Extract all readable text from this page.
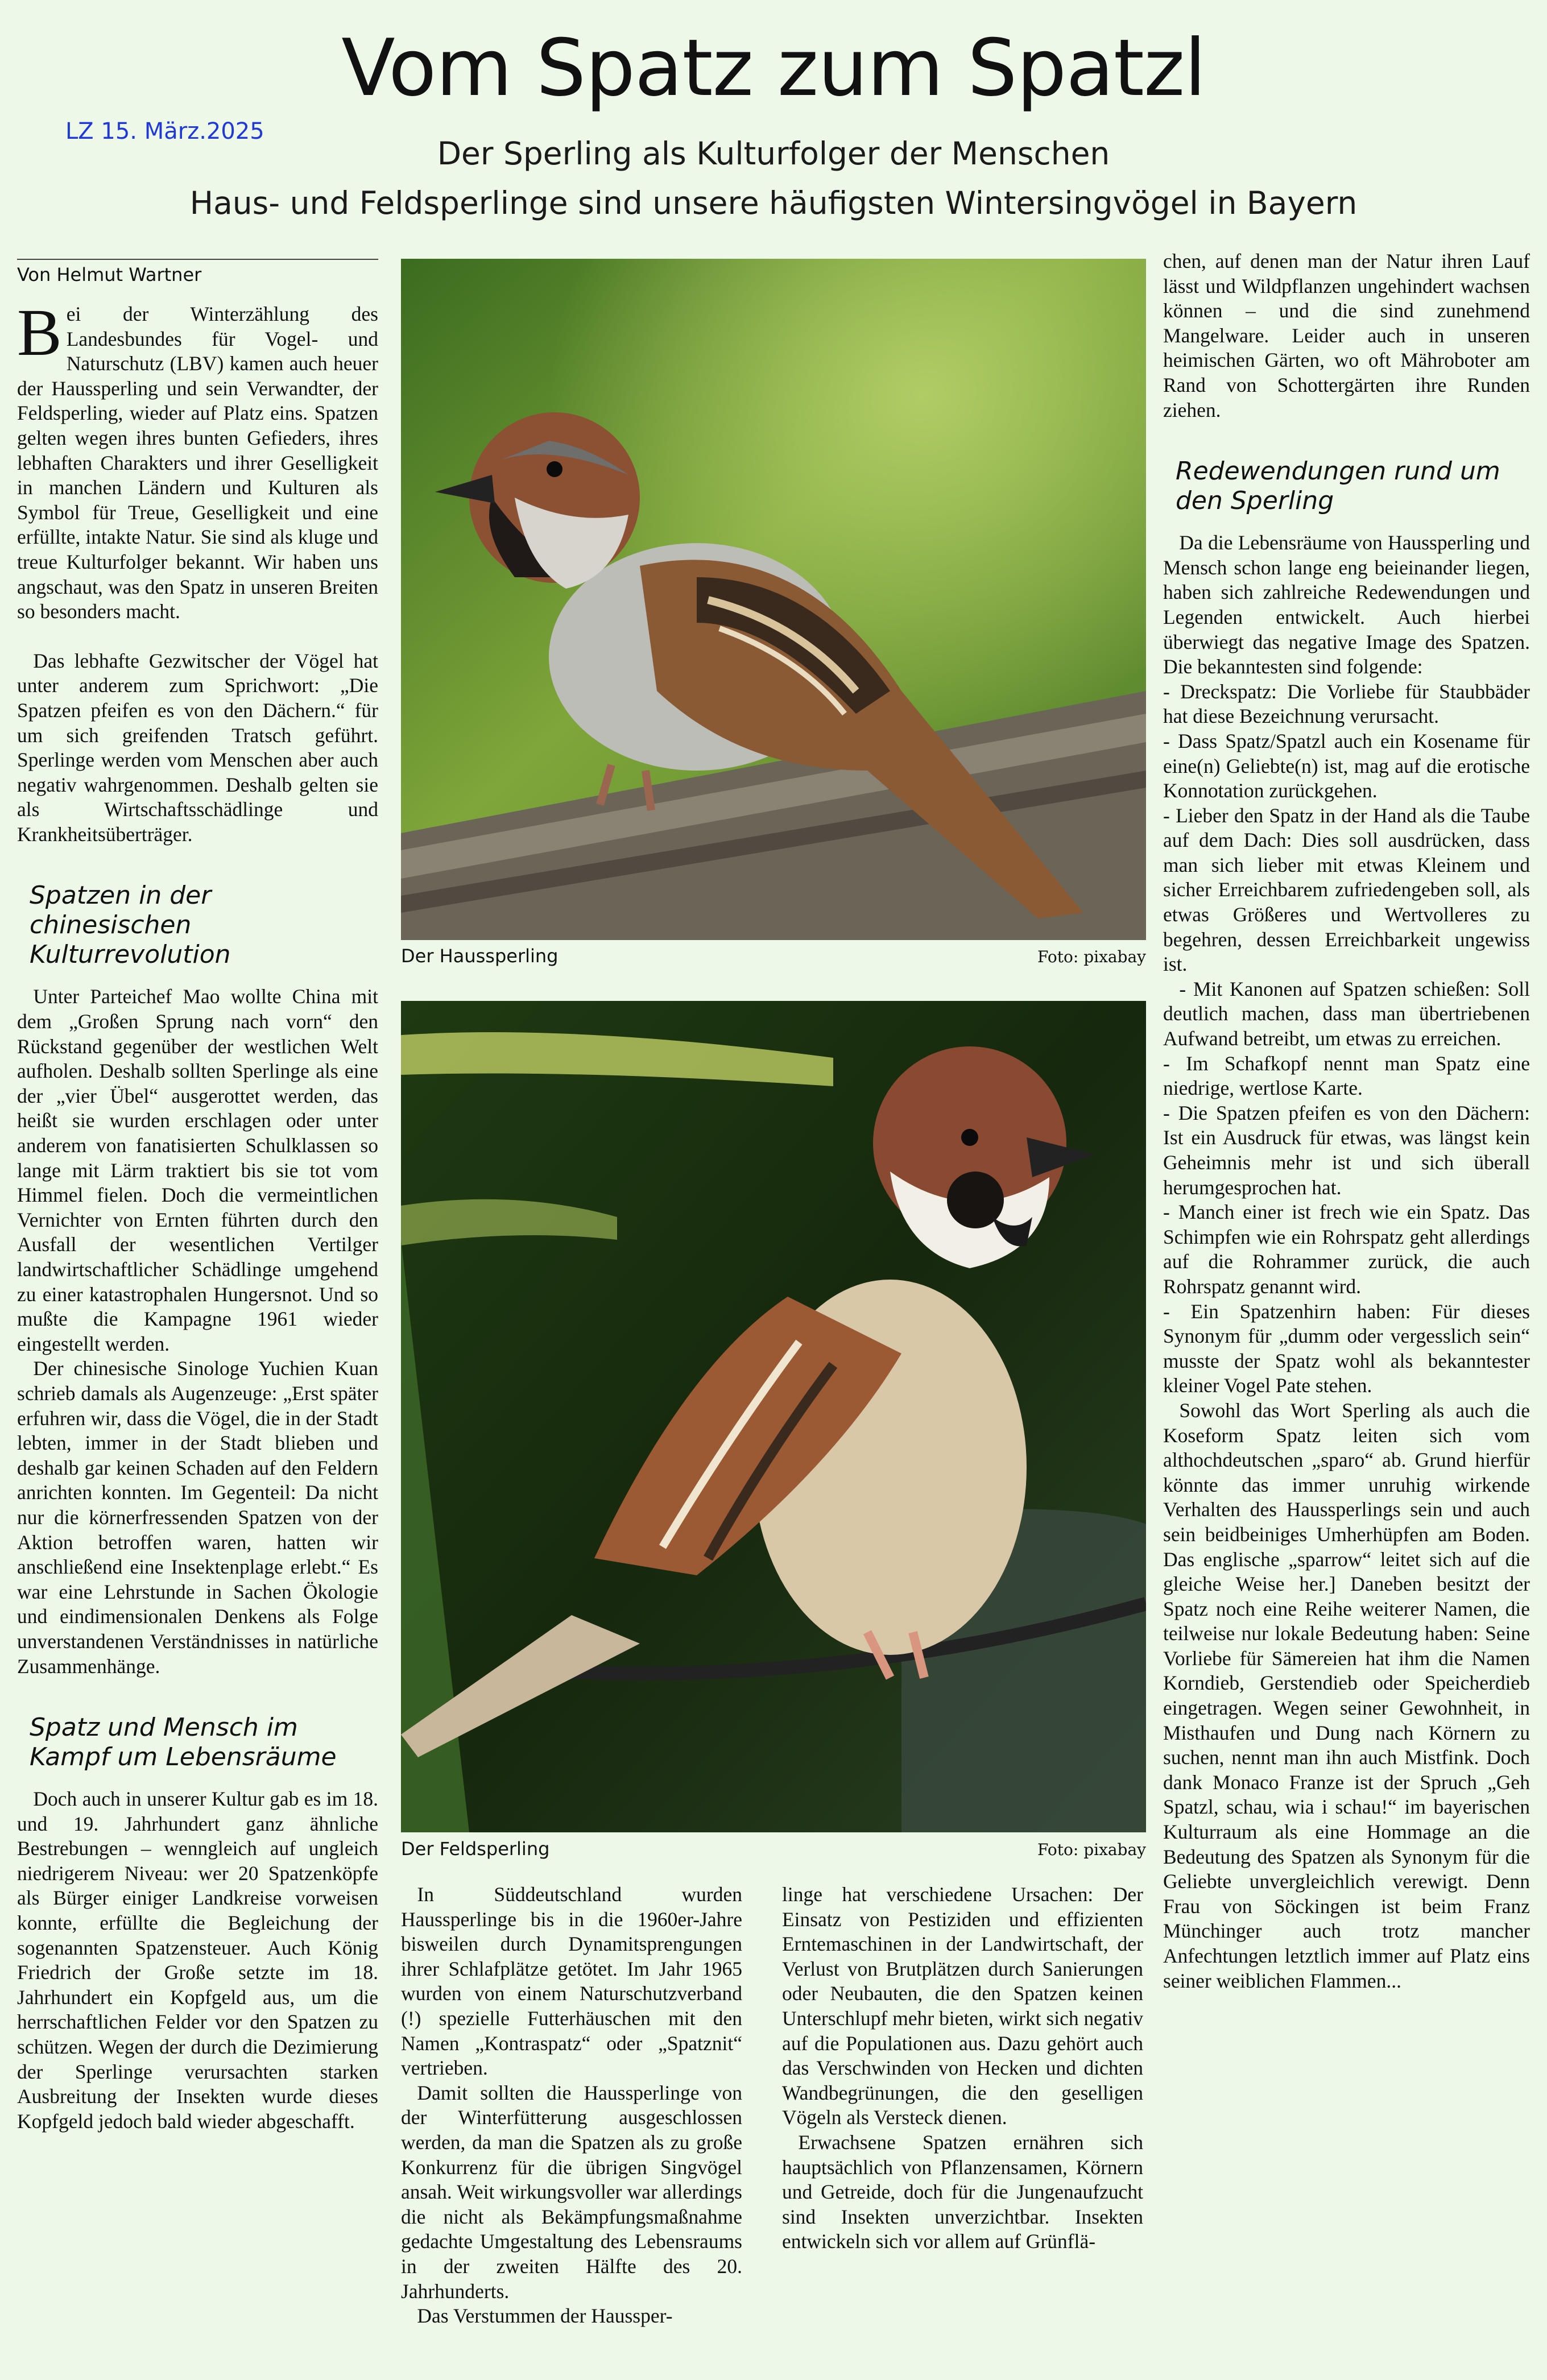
LZ 15. März.2025
Vom Spatz zum Spatzl
Der Sperling als Kulturfolger der Menschen
Haus- und Feldsperlinge sind unsere häufigsten Wintersingvögel in Bayern
Von Helmut Wartner

Bei der Winterzählung des Landesbundes für Vogel- und Naturschutz (LBV) kamen auch heuer der Haussperling und sein Verwandter, der Feldsperling, wieder auf Platz eins. Spatzen gelten wegen ihres bunten Gefieders, ihres lebhaften Charakters und ihrer Geselligkeit in manchen Ländern und Kulturen als Symbol für Treue, Geselligkeit und eine erfüllte, intakte Natur. Sie sind als kluge und treue Kulturfolger bekannt. Wir haben uns angschaut, was den Spatz in unseren Breiten so besonders macht.

Das lebhafte Gezwitscher der Vögel hat unter anderem zum Sprichwort: „Die Spatzen pfeifen es von den Dächern.“ für um sich greifenden Tratsch geführt. Sperlinge werden vom Menschen aber auch negativ wahrgenommen. Deshalb gelten sie als Wirtschaftsschädlinge und Krankheitsüberträger.

Spatzen in der chinesischen Kulturrevolution

Unter Parteichef Mao wollte China mit dem „Großen Sprung nach vorn“ den Rückstand gegenüber der westlichen Welt aufholen. Deshalb sollten Sperlinge als eine der „vier Übel“ ausgerottet werden, das heißt sie wurden erschlagen oder unter anderem von fanatisierten Schulklassen so lange mit Lärm traktiert bis sie tot vom Himmel fielen. Doch die vermeintlichen Vernichter von Ernten führten durch den Ausfall der wesentlichen Vertilger landwirtschaftlicher Schädlinge umgehend zu einer katastrophalen Hungersnot. Und so mußte die Kampagne 1961 wieder eingestellt werden.

Der chinesische Sinologe Yuchien Kuan schrieb damals als Augenzeuge: „Erst später erfuhren wir, dass die Vögel, die in der Stadt lebten, immer in der Stadt blieben und deshalb gar keinen Schaden auf den Feldern anrichten konnten. Im Gegenteil: Da nicht nur die körnerfressenden Spatzen von der Aktion betroffen waren, hatten wir anschließend eine Insektenplage erlebt.“ Es war eine Lehrstunde in Sachen Ökologie und eindimensionalen Denkens als Folge unverstandenen Verständnisses in natürliche Zusammenhänge.

Spatz und Mensch im Kampf um Lebensräume

Doch auch in unserer Kultur gab es im 18. und 19. Jahrhundert ganz ähnliche Bestrebungen – wenngleich auf ungleich niedrigerem Niveau: wer 20 Spatzenköpfe als Bürger einiger Landkreise vorweisen konnte, erfüllte die Begleichung der sogenannten Spatzensteuer. Auch König Friedrich der Große setzte im 18. Jahrhundert ein Kopfgeld aus, um die herrschaftlichen Felder vor den Spatzen zu schützen. Wegen der durch die Dezimierung der Sperlinge verursachten starken Ausbreitung der Insekten wurde dieses Kopfgeld jedoch bald wieder abgeschafft.

Der Haussperling	Foto: pixabay
Der Feldsperling	Foto: pixabay

In Süddeutschland wurden Haussperlinge bis in die 1960er-Jahre bisweilen durch Dynamitsprengungen ihrer Schlafplätze getötet. Im Jahr 1965 wurden von einem Naturschutzverband (!) spezielle Futterhäuschen mit den Namen „Kontraspatz“ oder „Spatznit“ vertrieben.

Damit sollten die Haussperlinge von der Winterfütterung ausgeschlossen werden, da man die Spatzen als zu große Konkurrenz für die übrigen Singvögel ansah. Weit wirkungsvoller war allerdings die nicht als Bekämpfungsmaßnahme gedachte Umgestaltung des Lebensraums in der zweiten Hälfte des 20. Jahrhunderts.

Das Verstummen der Haussper-

linge hat verschiedene Ursachen: Der Einsatz von Pestiziden und effizienten Erntemaschinen in der Landwirtschaft, der Verlust von Brutplätzen durch Sanierungen oder Neubauten, die den Spatzen keinen Unterschlupf mehr bieten, wirkt sich negativ auf die Populationen aus. Dazu gehört auch das Verschwinden von Hecken und dichten Wandbegrünungen, die den geselligen Vögeln als Versteck dienen.

Erwachsene Spatzen ernähren sich hauptsächlich von Pflanzensamen, Körnern und Getreide, doch für die Jungenaufzucht sind Insekten unverzichtbar. Insekten entwickeln sich vor allem auf Grünflä-

chen, auf denen man der Natur ihren Lauf lässt und Wildpflanzen ungehindert wachsen können – und die sind zunehmend Mangelware. Leider auch in unseren heimischen Gärten, wo oft Mähroboter am Rand von Schottergärten ihre Runden ziehen.

Redewendungen rund um den Sperling

Da die Lebensräume von Haussperling und Mensch schon lange eng beieinander liegen, haben sich zahlreiche Redewendungen und Legenden entwickelt. Auch hierbei überwiegt das negative Image des Spatzen. Die bekanntesten sind folgende:

- Dreckspatz: Die Vorliebe für Staubbäder hat diese Bezeichnung verursacht.

- Dass Spatz/Spatzl auch ein Kosename für eine(n) Geliebte(n) ist, mag auf die erotische Konnotation zurückgehen.

- Lieber den Spatz in der Hand als die Taube auf dem Dach: Dies soll ausdrücken, dass man sich lieber mit etwas Kleinem und sicher Erreichbarem zufriedengeben soll, als etwas Größeres und Wertvolleres zu begehren, dessen Erreichbarkeit ungewiss ist.

- Mit Kanonen auf Spatzen schießen: Soll deutlich machen, dass man übertriebenen Aufwand betreibt, um etwas zu erreichen.

- Im Schafkopf nennt man Spatz eine niedrige, wertlose Karte.

- Die Spatzen pfeifen es von den Dächern: Ist ein Ausdruck für etwas, was längst kein Geheimnis mehr ist und sich überall herumgesprochen hat.

- Manch einer ist frech wie ein Spatz. Das Schimpfen wie ein Rohrspatz geht allerdings auf die Rohrammer zurück, die auch Rohrspatz genannt wird.

- Ein Spatzenhirn haben: Für dieses Synonym für „dumm oder vergesslich sein“ musste der Spatz wohl als bekanntester kleiner Vogel Pate stehen.

Sowohl das Wort Sperling als auch die Koseform Spatz leiten sich vom althochdeutschen „sparo“ ab. Grund hierfür könnte das immer unruhig wirkende Verhalten des Haussperlings sein und auch sein beidbeiniges Umherhüpfen am Boden. Das englische „sparrow“ leitet sich auf die gleiche Weise her.] Daneben besitzt der Spatz noch eine Reihe weiterer Namen, die teilweise nur lokale Bedeutung haben: Seine Vorliebe für Sämereien hat ihm die Namen Korndieb, Gerstendieb oder Speicherdieb eingetragen. Wegen seiner Gewohnheit, in Misthaufen und Dung nach Körnern zu suchen, nennt man ihn auch Mistfink. Doch dank Monaco Franze ist der Spruch „Geh Spatzl, schau, wia i schau!“ im bayerischen Kulturraum als eine Hommage an die Bedeutung des Spatzen als Synonym für die Geliebte unvergleichlich verewigt. Denn Frau von Söckingen ist beim Franz Münchinger auch trotz mancher Anfechtungen letztlich immer auf Platz eins seiner weiblichen Flammen...
